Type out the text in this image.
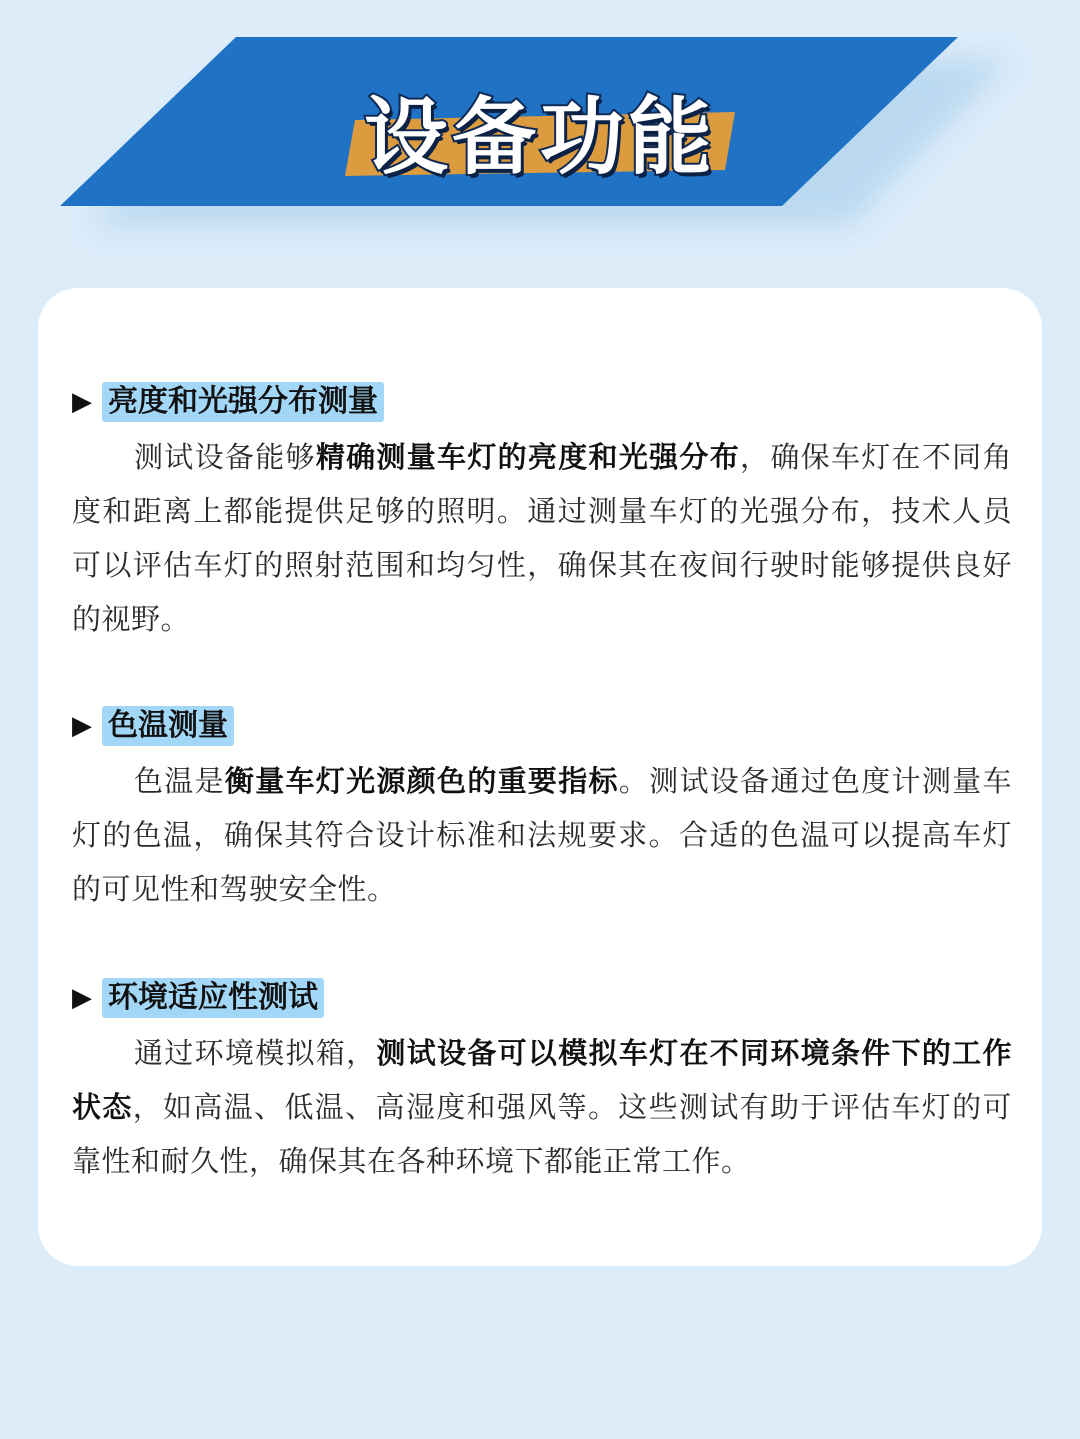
设备功能
▶ 亮度和光强分布测量

测试设备能够精确测量车灯的亮度和光强分布，确保车灯在不同角度和距离上都能提供足够的照明。通过测量车灯的光强分布，技术人员可以评估车灯的照射范围和均匀性，确保其在夜间行驶时能够提供良好的视野。

▶ 色温测量

色温是衡量车灯光源颜色的重要指标。测试设备通过色度计测量车灯的色温，确保其符合设计标准和法规要求。合适的色温可以提高车灯的可见性和驾驶安全性。

▶ 环境适应性测试

通过环境模拟箱，测试设备可以模拟车灯在不同环境条件下的工作状态，如高温、低温、高湿度和强风等。这些测试有助于评估车灯的可靠性和耐久性，确保其在各种环境下都能正常工作。
